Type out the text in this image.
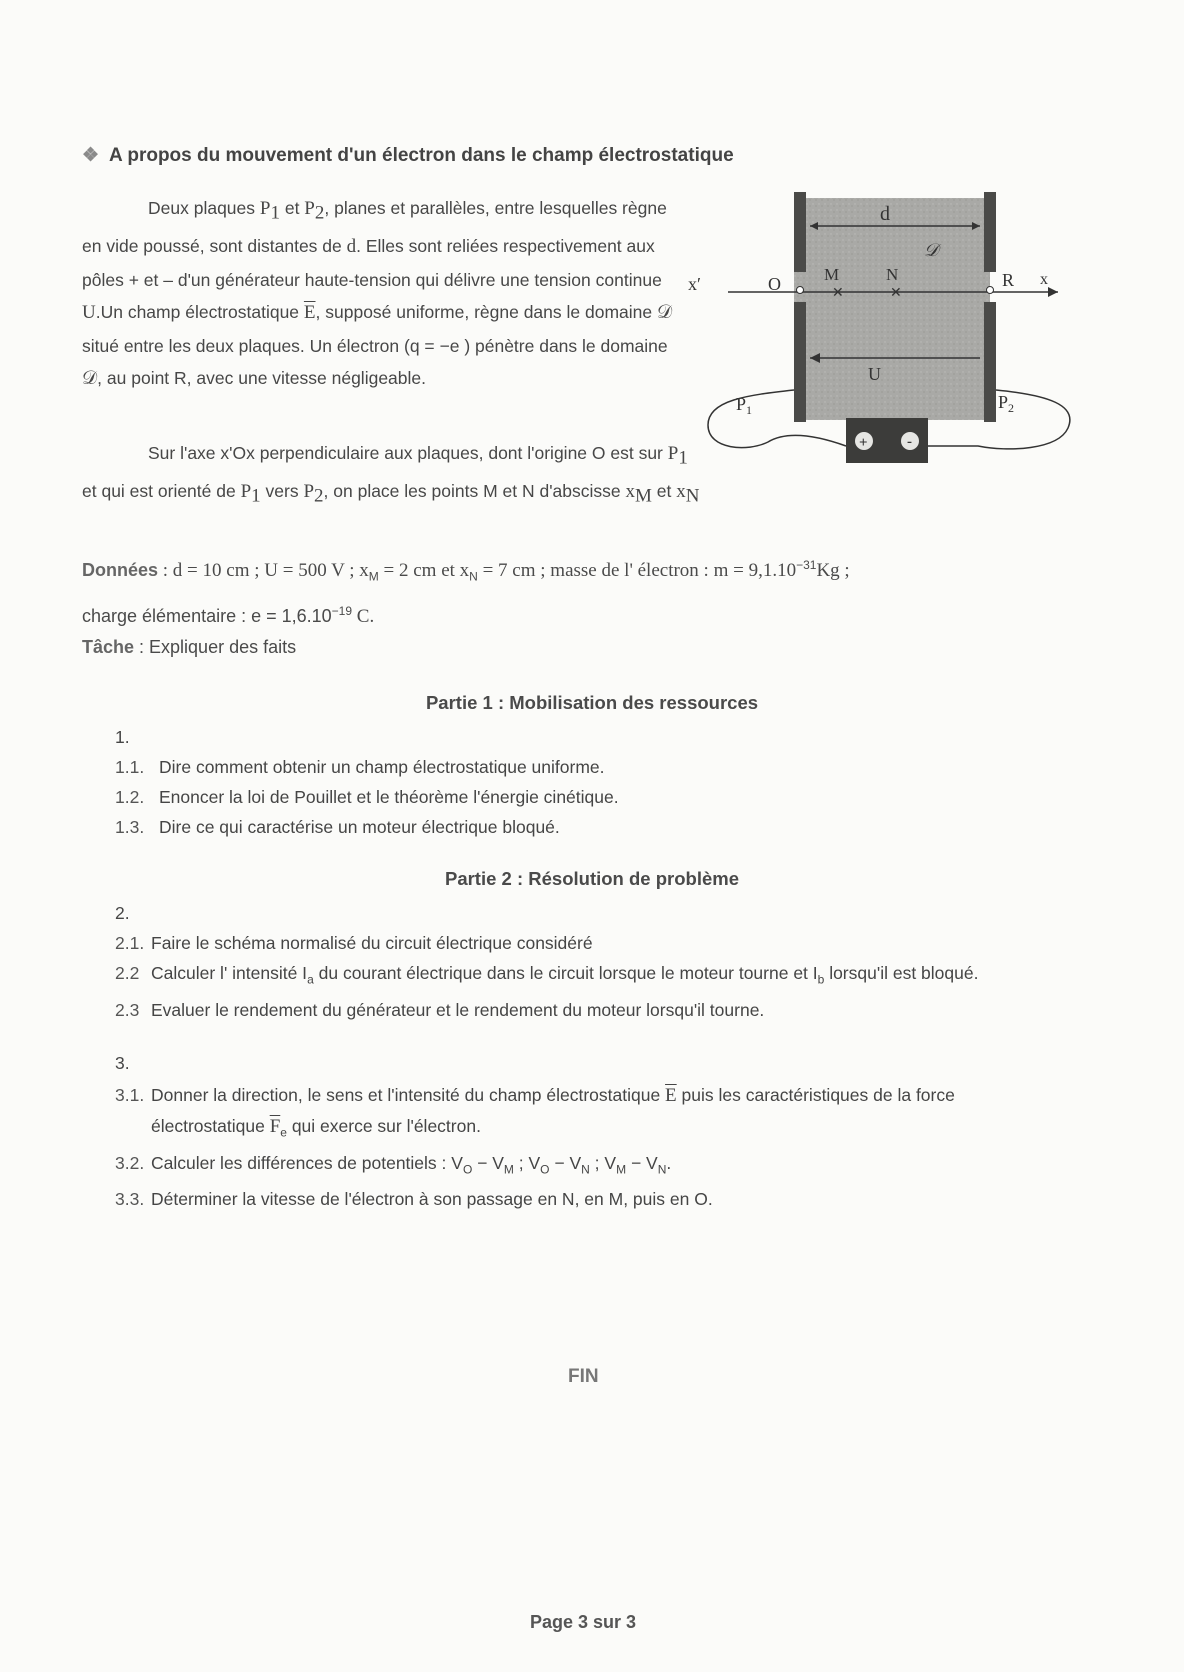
❖ A propos du mouvement d'un électron dans le champ électrostatique
Deux plaques $P_1$ et $P_2$, planes et parallèles, entre lesquelles règne en vide poussé, sont distantes de d. Elles sont reliées respectivement aux pôles + et – d'un générateur haute-tension qui délivre une tension continue U.Un champ électrostatique $\overline{E}$, supposé uniforme, règne dans le domaine 𝒟 situé entre les deux plaques. Un électron (q = −e ) pénètre dans le domaine 𝒟, au point R, avec une vitesse négligeable.
Sur l'axe x'Ox perpendiculaire aux plaques, dont l'origine O est sur $P_1$ et qui est orienté de $P_1$ vers $P_2$, on place les points M et N d'abscisse $x_M$ et $x_N$
d
𝒟
x′	O	R x
M
✕
N
✕
U
$P_1$	$P_2$
+	-
Données : d = 10 cm ; U = 500 V ; $x_M = 2$ cm et $x_N = 7$ cm ; masse de l' électron : $m = 9,1.10^{-31}Kg$ ;
charge élémentaire : $e = 1,6.10^{-19}$ C.
Tâche : Expliquer des faits
Partie 1 : Mobilisation des ressources
1.
1.1. Dire comment obtenir un champ électrostatique uniforme.
1.2. Enoncer la loi de Pouillet et le théorème l'énergie cinétique.
1.3. Dire ce qui caractérise un moteur électrique bloqué.
Partie 2 : Résolution de problème
2.
2.1. Faire le schéma normalisé du circuit électrique considéré
2.2 Calculer l' intensité $I_a$ du courant électrique dans le circuit lorsque le moteur tourne et $I_b$ lorsqu'il est bloqué.
2.3 Evaluer le rendement du générateur et le rendement du moteur lorsqu'il tourne.
3.
3.1. Donner la direction, le sens et l'intensité du champ électrostatique $\overline{E}$ puis les caractéristiques de la force
électrostatique $\overline{F}_e$ qui exerce sur l'électron.
3.2. Calculer les différences de potentiels : $V_O - V_M$ ; $V_O - V_N$ ; $V_M - V_N$.
3.3. Déterminer la vitesse de l'électron à son passage en N, en M, puis en O.
FIN
Page 3 sur 3
